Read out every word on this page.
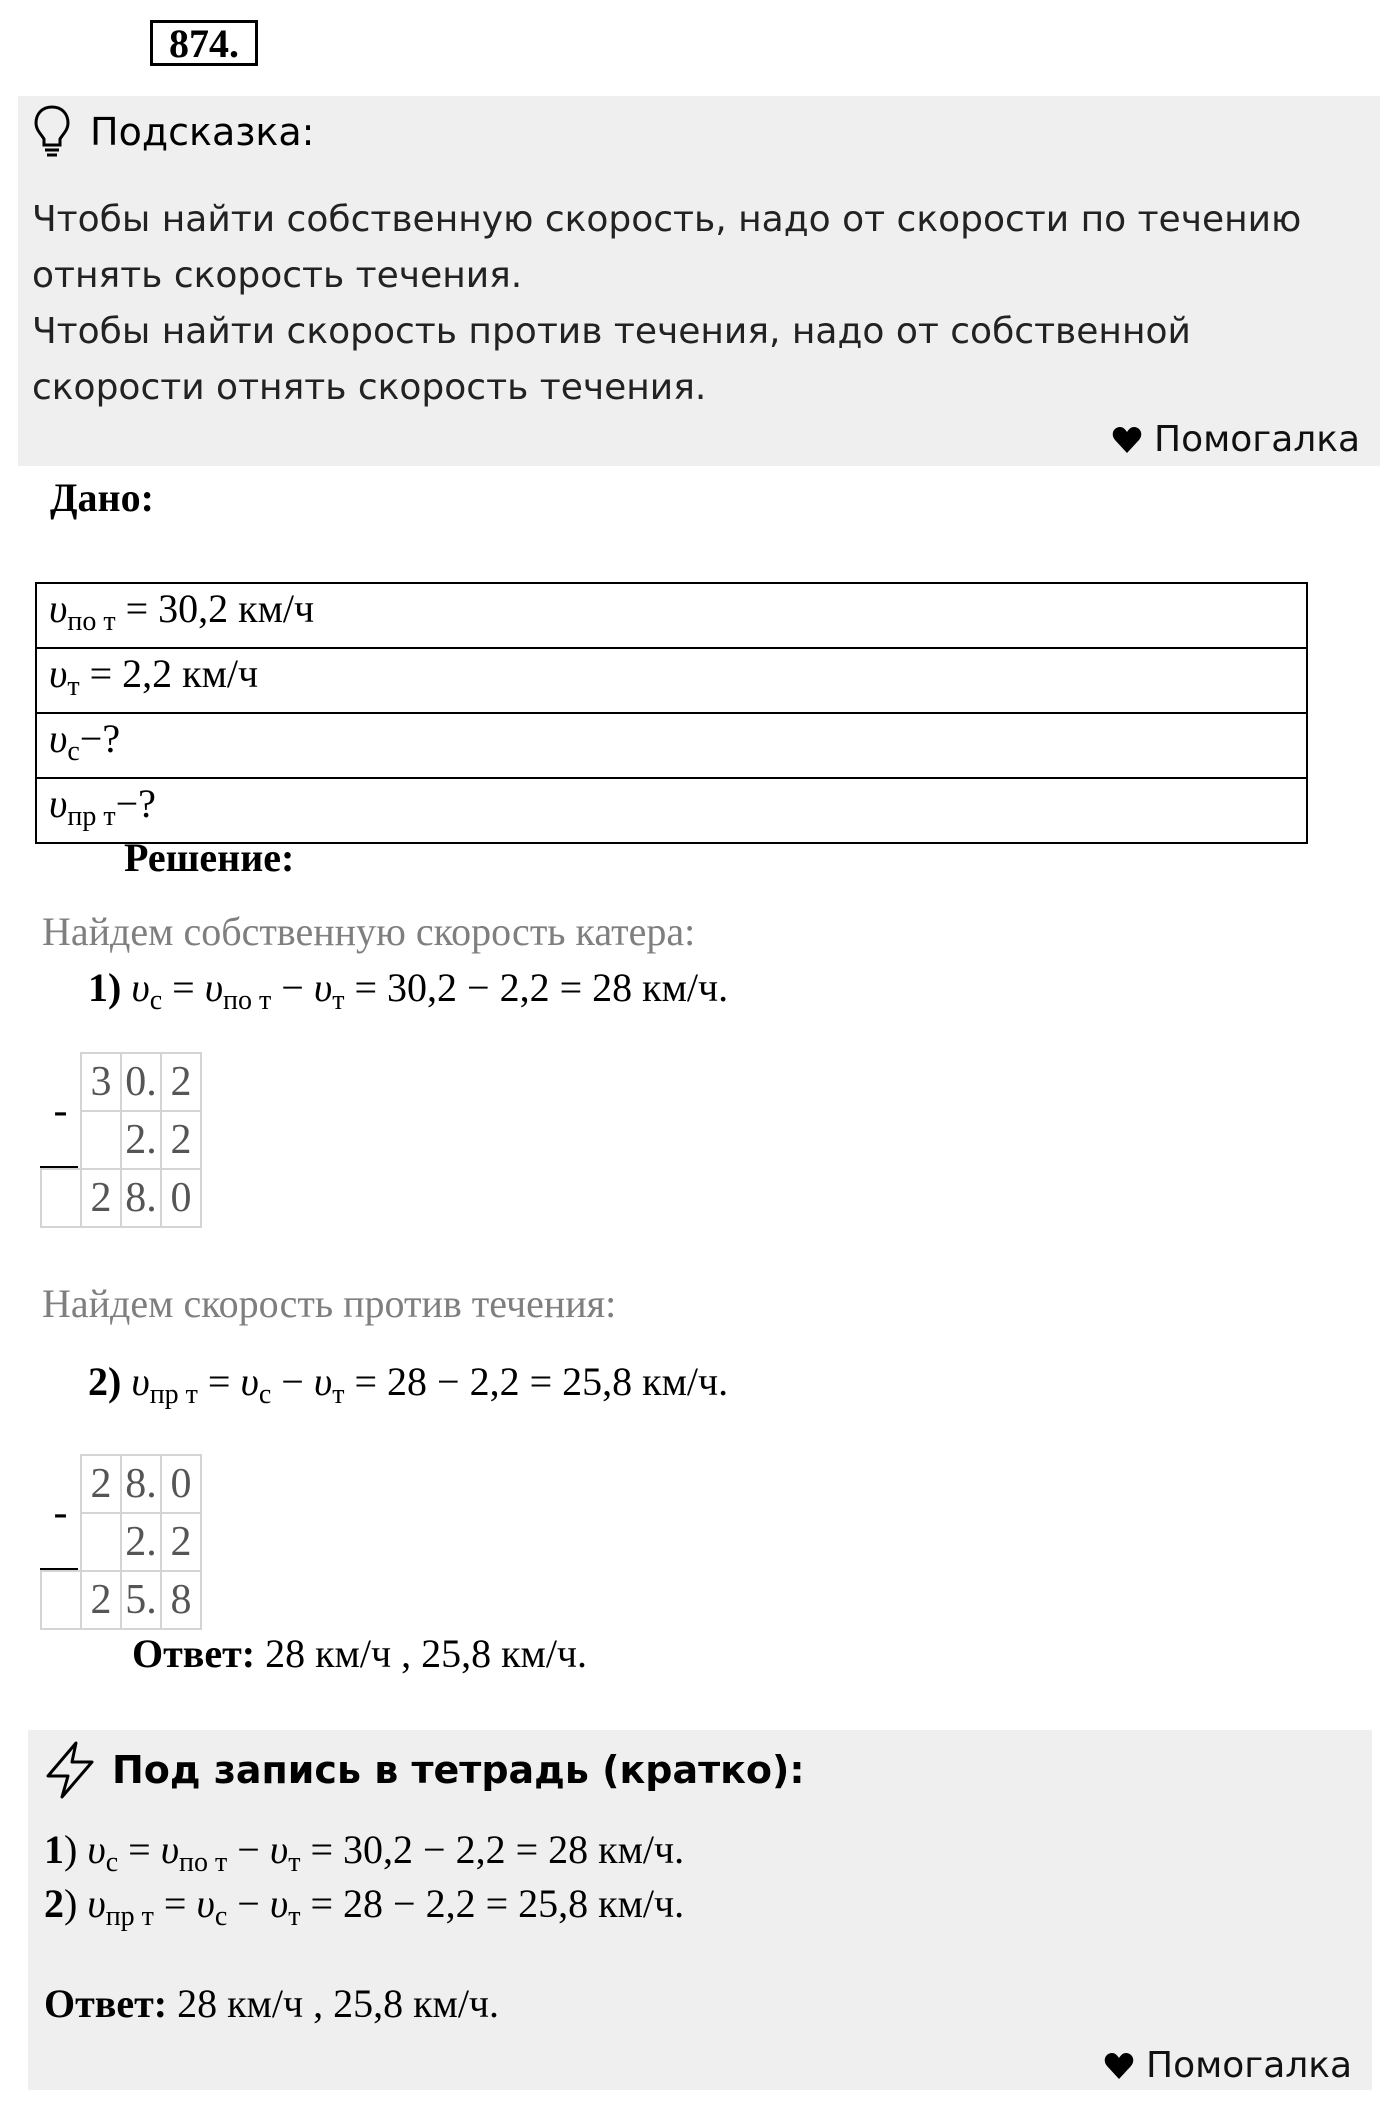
874.
Подсказка:
Чтобы найти собственную скорость, надо от скорости по течению
отнять скорость течения.
Чтобы найти скорость против течения, надо от собственной
скорости отнять скорость течения.
Помогалка
Дано:
$\upsilon_{по т} = 30,2$ км/ч
$\upsilon_т = 2,2$ км/ч
$\upsilon_с-$?
$\upsilon_{пр т}-$?
Решение:
Найдем собственную скорость катера:
1) $\upsilon_с = \upsilon_{по т} - \upsilon_т = 30,2 - 2,2 = 28$ км/ч.
-	3	0.	2
		2.	2
	2	8.	0
Найдем скорость против течения:
2) $\upsilon_{пр т} = \upsilon_с - \upsilon_т = 28 - 2,2 = 25,8$ км/ч.
-	2	8.	0
		2.	2
	2	5.	8
Ответ: 28 км/ч , 25,8 км/ч.
Под запись в тетрадь (кратко):
1) $\upsilon_с = \upsilon_{по т} - \upsilon_т = 30,2 - 2,2 = 28$ км/ч.
2) $\upsilon_{пр т} = \upsilon_с - \upsilon_т = 28 - 2,2 = 25,8$ км/ч.
Ответ: 28 км/ч , 25,8 км/ч.
Помогалка
